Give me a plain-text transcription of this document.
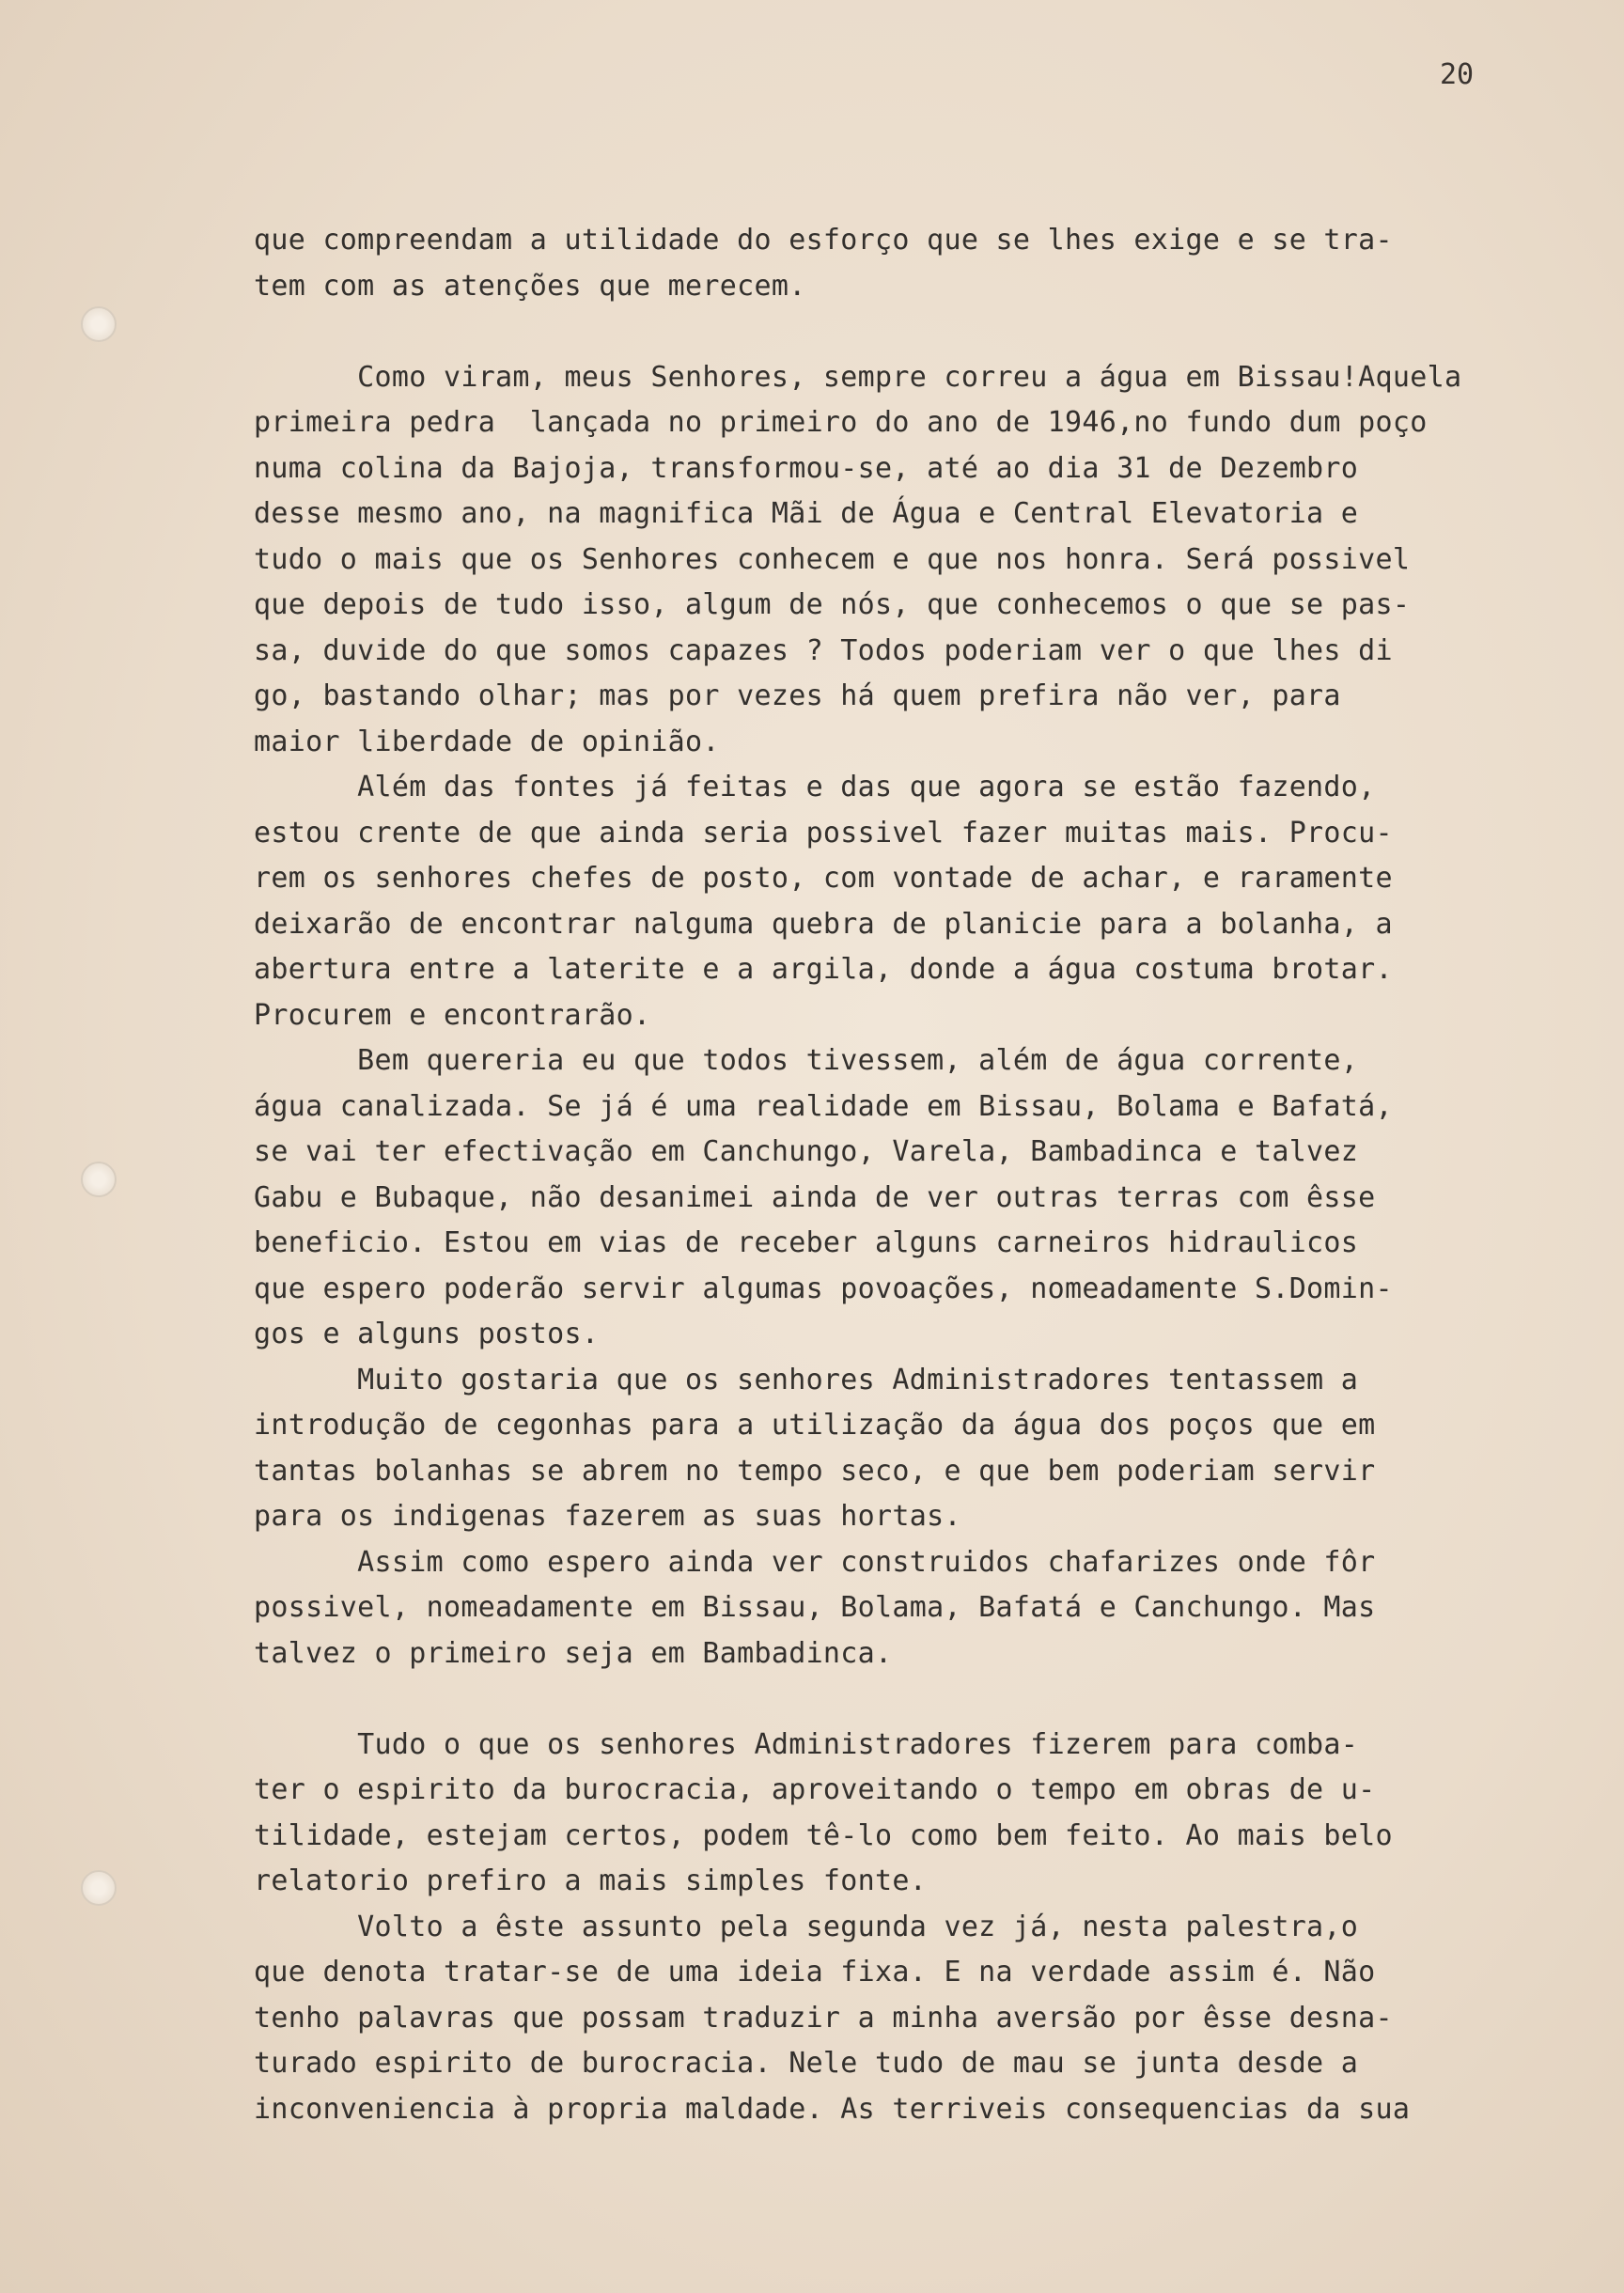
20
que compreendam a utilidade do esforço que se lhes exige e se tra-
tem com as atenções que merecem.
Como viram, meus Senhores, sempre correu a água em Bissau!Aquela
primeira pedra  lançada no primeiro do ano de 1946,no fundo dum poço
numa colina da Bajoja, transformou-se, até ao dia 31 de Dezembro
desse mesmo ano, na magnifica Mãi de Água e Central Elevatoria e
tudo o mais que os Senhores conhecem e que nos honra. Será possivel
que depois de tudo isso, algum de nós, que conhecemos o que se pas-
sa, duvide do que somos capazes ? Todos poderiam ver o que lhes di
go, bastando olhar; mas por vezes há quem prefira não ver, para
maior liberdade de opinião.
Além das fontes já feitas e das que agora se estão fazendo,
estou crente de que ainda seria possivel fazer muitas mais. Procu-
rem os senhores chefes de posto, com vontade de achar, e raramente
deixarão de encontrar nalguma quebra de planicie para a bolanha, a
abertura entre a laterite e a argila, donde a água costuma brotar.
Procurem e encontrarão.
Bem quereria eu que todos tivessem, além de água corrente,
água canalizada. Se já é uma realidade em Bissau, Bolama e Bafatá,
se vai ter efectivação em Canchungo, Varela, Bambadinca e talvez
Gabu e Bubaque, não desanimei ainda de ver outras terras com êsse
beneficio. Estou em vias de receber alguns carneiros hidraulicos
que espero poderão servir algumas povoações, nomeadamente S.Domin-
gos e alguns postos.
Muito gostaria que os senhores Administradores tentassem a
introdução de cegonhas para a utilização da água dos poços que em
tantas bolanhas se abrem no tempo seco, e que bem poderiam servir
para os indigenas fazerem as suas hortas.
Assim como espero ainda ver construidos chafarizes onde fôr
possivel, nomeadamente em Bissau, Bolama, Bafatá e Canchungo. Mas
talvez o primeiro seja em Bambadinca.
Tudo o que os senhores Administradores fizerem para comba-
ter o espirito da burocracia, aproveitando o tempo em obras de u-
tilidade, estejam certos, podem tê-lo como bem feito. Ao mais belo
relatorio prefiro a mais simples fonte.
Volto a êste assunto pela segunda vez já, nesta palestra,o
que denota tratar-se de uma ideia fixa. E na verdade assim é. Não
tenho palavras que possam traduzir a minha aversão por êsse desna-
turado espirito de burocracia. Nele tudo de mau se junta desde a
inconveniencia à propria maldade. As terriveis consequencias da sua
